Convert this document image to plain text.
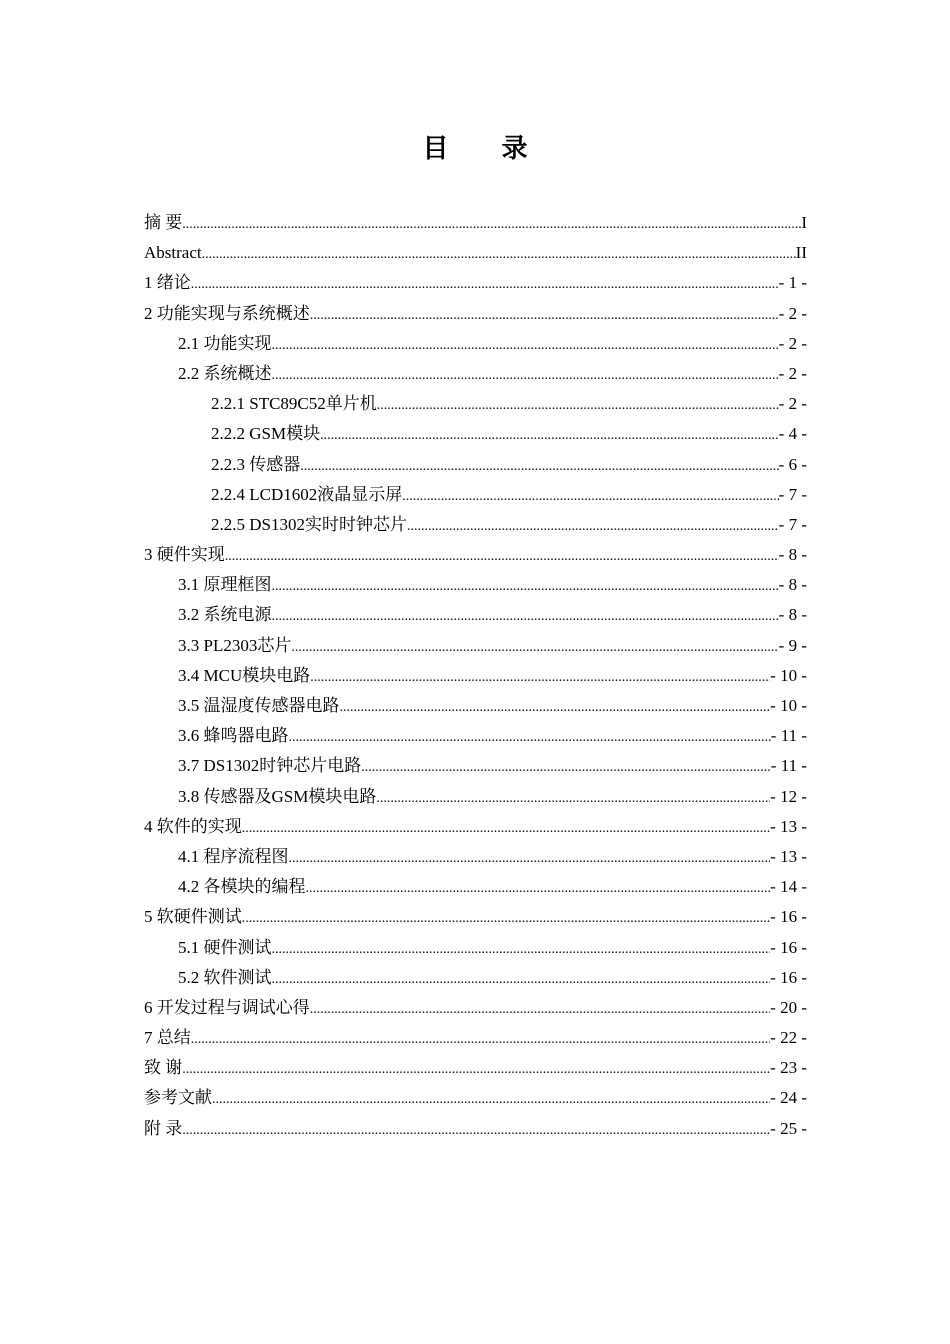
目 录
摘 要 .....	I
Abstract .....	II
1 绪论 .....	- 1 -
2 功能实现与系统概述 .....	- 2 -
2.1 功能实现 .....	- 2 -
2.2 系统概述 .....	- 2 -
2.2.1 STC89C52单片机 .....	- 2 -
2.2.2 GSM模块 .....	- 4 -
2.2.3 传感器 .....	- 6 -
2.2.4 LCD1602液晶显示屏 .....	- 7 -
2.2.5 DS1302实时时钟芯片 .....	- 7 -
3 硬件实现 .....	- 8 -
3.1 原理框图 .....	- 8 -
3.2 系统电源 .....	- 8 -
3.3 PL2303芯片 .....	- 9 -
3.4 MCU模块电路 .....	- 10 -
3.5 温湿度传感器电路 .....	- 10 -
3.6 蜂鸣器电路 .....	- 11 -
3.7 DS1302时钟芯片电路 .....	- 11 -
3.8 传感器及GSM模块电路 .....	- 12 -
4 软件的实现 .....	- 13 -
4.1 程序流程图 .....	- 13 -
4.2 各模块的编程 .....	- 14 -
5 软硬件测试 .....	- 16 -
5.1 硬件测试 .....	- 16 -
5.2 软件测试 .....	- 16 -
6 开发过程与调试心得 .....	- 20 -
7 总结 .....	- 22 -
致 谢 .....	- 23 -
参考文献 .....	- 24 -
附 录 .....	- 25 -
